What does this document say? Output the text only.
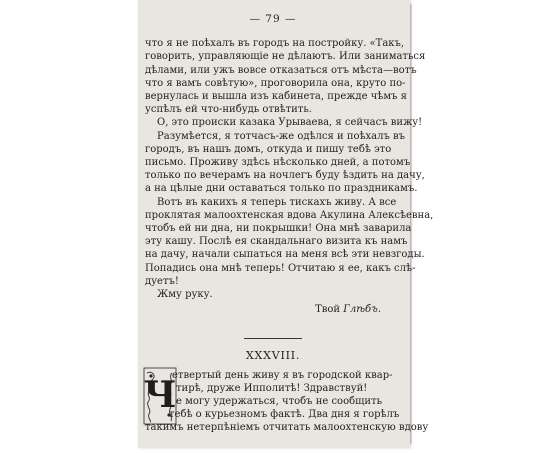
— 79 —
что я не поѣхалъ въ городъ на постройку. «Такъ,
говорить, управляющіе не дѣлаютъ. Или заниматься
дѣлами, или ужъ вовсе отказаться отъ мѣста—вотъ
что я вамъ совѣтую», проговорила она, круто по-
вернулась и вышла изъ кабинета, прежде чѣмъ я
успѣлъ ей что-нибудь отвѣтить.
О, это происки казака Урываева, я сейчасъ вижу!
Разумѣется, я тотчасъ-же одѣлся и поѣхалъ въ
городъ, въ нашъ домъ, откуда и пишу тебѣ это
письмо. Проживу здѣсь нѣсколько дней, а потомъ
только по вечерамъ на ночлегъ буду ѣздить на дачу,
а на цѣлые дни оставаться только по праздникамъ.
Вотъ въ какихъ я теперь тискахъ живу. А все
проклятая малоохтенская вдова Акулина Алексѣевна,
чтобъ ей ни дна, ни покрышки! Она мнѣ заварила
эту кашу. Послѣ ея скандальнаго визита къ намъ
на дачу, начали сыпаться на меня всѣ эти невзгоды.
Попадись она мнѣ теперь! Отчитаю я ее, какъ слѣ-
дуетъ!
Жму руку.
Твой Глѣбъ.
XXXVIII.
Ч
етвертый день живу я въ городской квар-
тирѣ, друже Ипполитѣ! Здравствуй!
е могу удержаться, чтобъ не сообщить
тебѣ о курьезномъ фактѣ. Два дня я горѣлъ
такимъ нетерпѣніемъ отчитать малоохтенскую вдову
